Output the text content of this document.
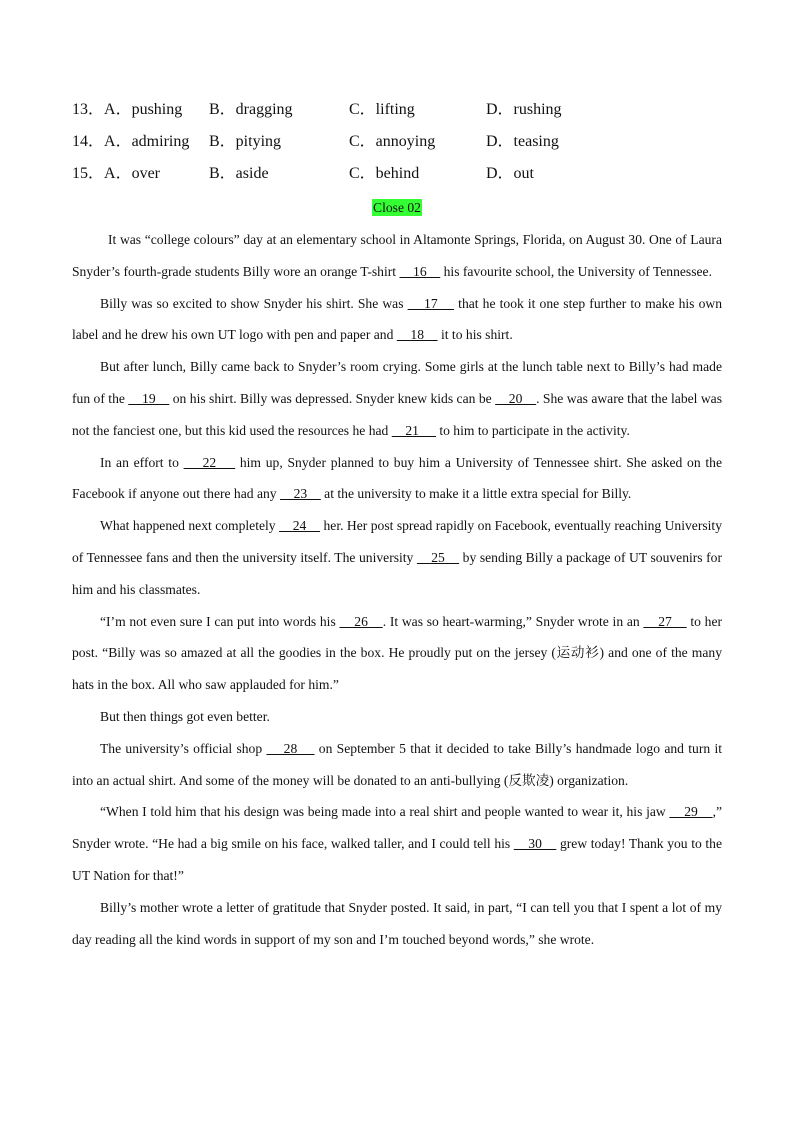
13．A．pushing B．dragging	C．lifting	D．rushing
14．A．admiring B．pitying	C．annoying	D．teasing
15．A．over	B．aside	C．behind	D．out
Close 02

It was “college colours” day at an elementary school in Altamonte Springs, Florida, on August 30. One of Laura Snyder’s fourth-grade students Billy wore an orange T-shirt     16     his favourite school, the University of Tennessee.

Billy was so excited to show Snyder his shirt. She was     17     that he took it one step further to make his own label and he drew his own UT logo with pen and paper and     18     it to his shirt.

But after lunch, Billy came back to Snyder’s room crying. Some girls at the lunch table next to Billy’s had made fun of the     19     on his shirt. Billy was depressed. Snyder knew kids can be     20    . She was aware that the label was not the fanciest one, but this kid used the resources he had     21      to him to participate in the activity.

In an effort to     22     him up, Snyder planned to buy him a University of Tennessee shirt. She asked on the Facebook if anyone out there had any     23     at the university to make it a little extra special for Billy.

What happened next completely     24     her. Her post spread rapidly on Facebook, eventually reaching University of Tennessee fans and then the university itself. The university     25     by sending Billy a package of UT souvenirs for him and his classmates.

“I’m not even sure I can put into words his     26    . It was so heart-warming,” Snyder wrote in an     27     to her post. “Billy was so amazed at all the goodies in the box. He proudly put on the jersey (运动衫) and one of the many hats in the box. All who saw applauded for him.”

But then things got even better.

The university’s official shop     28     on September 5 that it decided to take Billy’s handmade logo and turn it into an actual shirt. And some of the money will be donated to an anti-bullying (反欺凌) organization.

“When I told him that his design was being made into a real shirt and people wanted to wear it, his jaw     29    ,” Snyder wrote. “He had a big smile on his face, walked taller, and I could tell his     30     grew today! Thank you to the UT Nation for that!”

Billy’s mother wrote a letter of gratitude that Snyder posted. It said, in part, “I can tell you that I spent a lot of my day reading all the kind words in support of my son and I’m touched beyond words,” she wrote.
